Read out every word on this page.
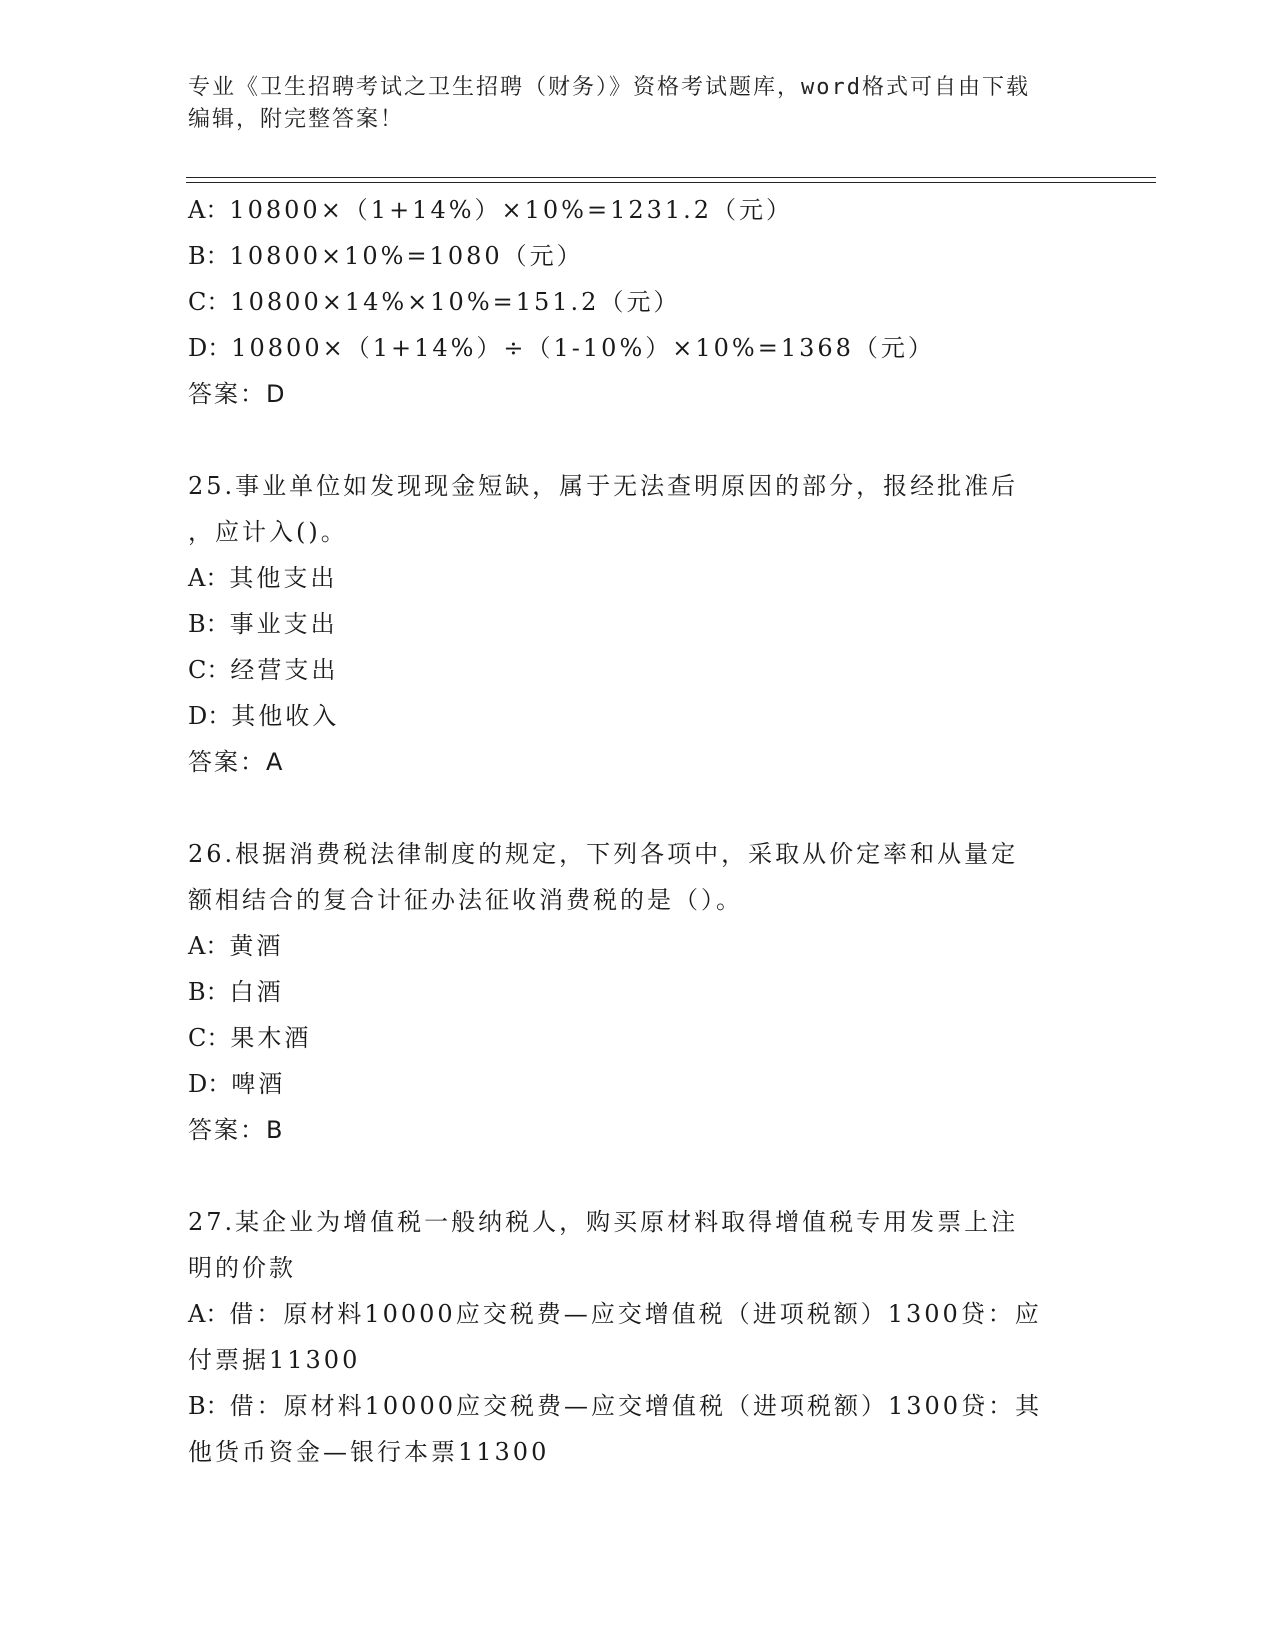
专业《卫生招聘考试之卫生招聘（财务）》资格考试题库，word格式可自由下载
编辑，附完整答案！
A：10800×（1+14%）×10%=1231.2（元）
B：10800×10%=1080（元）
C：10800×14%×10%=151.2（元）
D：10800×（1+14%）÷（1-10%）×10%=1368（元）
答案：D
25.事业单位如发现现金短缺，属于无法查明原因的部分，报经批准后
，应计入()。
A：其他支出
B：事业支出
C：经营支出
D：其他收入
答案：A
26.根据消费税法律制度的规定，下列各项中，采取从价定率和从量定
额相结合的复合计征办法征收消费税的是（）。
A：黄酒
B：白酒
C：果木酒
D：啤酒
答案：B
27.某企业为增值税一般纳税人，购买原材料取得增值税专用发票上注
明的价款
A：借：原材料10000应交税费—应交增值税（进项税额）1300贷：应
付票据11300
B：借：原材料10000应交税费—应交增值税（进项税额）1300贷：其
他货币资金—银行本票11300
